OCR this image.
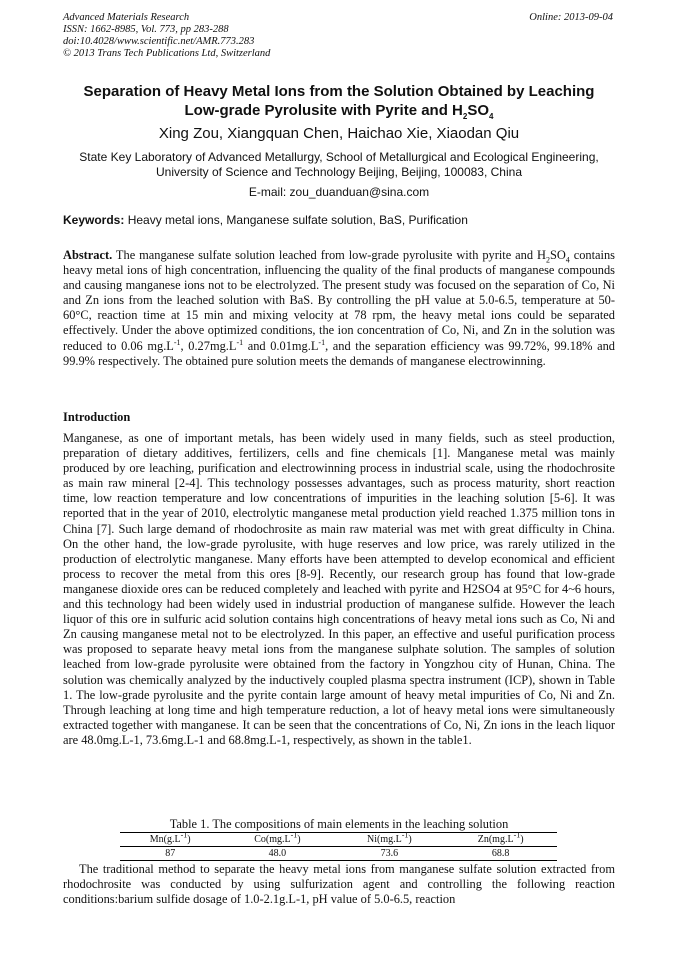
Advanced Materials Research
ISSN: 1662-8985, Vol. 773, pp 283-288
doi:10.4028/www.scientific.net/AMR.773.283
© 2013 Trans Tech Publications Ltd, Switzerland
Online: 2013-09-04
Separation of Heavy Metal Ions from the Solution Obtained by Leaching
Low-grade Pyrolusite with Pyrite and $H_2SO_4$
Xing Zou, Xiangquan Chen, Haichao Xie, Xiaodan Qiu
State Key Laboratory of Advanced Metallurgy, School of Metallurgical and Ecological Engineering,
University of Science and Technology Beijing, Beijing, 100083, China
E-mail: zou_duanduan@sina.com
Keywords: Heavy metal ions, Manganese sulfate solution, BaS, Purification
Abstract. The manganese sulfate solution leached from low-grade pyrolusite with pyrite and $H_2SO_4$ contains heavy metal ions of high concentration, influencing the quality of the final products of manganese compounds and causing manganese ions not to be electrolyzed. The present study was focused on the separation of Co, Ni and Zn ions from the leached solution with BaS. By controlling the pH value at 5.0-6.5, temperature at 50-60°C, reaction time at 15 min and mixing velocity at 78 rpm, the heavy metal ions could be separated effectively. Under the above optimized conditions, the ion concentration of Co, Ni, and Zn in the solution was reduced to 0.06 $mg.L^{-1}$, $0.27mg.L^{-1}$ and $0.01mg.L^{-1}$, and the separation efficiency was 99.72%, 99.18% and 99.9% respectively. The obtained pure solution meets the demands of manganese electrowinning.
Introduction
Manganese, as one of important metals, has been widely used in many fields, such as steel production, preparation of dietary additives, fertilizers, cells and fine chemicals [1]. Manganese metal was mainly produced by ore leaching, purification and electrowinning process in industrial scale, using the rhodochrosite as main raw mineral [2-4]. This technology possesses advantages, such as process maturity, short reaction time, low reaction temperature and low concentrations of impurities in the leaching solution [5-6]. It was reported that in the year of 2010, electrolytic manganese metal production yield reached 1.375 million tons in China [7]. Such large demand of rhodochrosite as main raw material was met with great difficulty in China. On the other hand, the low-grade pyrolusite, with huge reserves and low price, was rarely utilized in the production of electrolytic manganese. Many efforts have been attempted to develop economical and efficient process to recover the metal from this ores [8-9]. Recently, our research group has found that low-grade manganese dioxide ores can be reduced completely and leached with pyrite and H2SO4 at 95°C for 4~6 hours, and this technology had been widely used in industrial production of manganese sulfide. However the leach liquor of this ore in sulfuric acid solution contains high concentrations of heavy metal ions such as Co, Ni and Zn causing manganese metal not to be electrolyzed. In this paper, an effective and useful purification process was proposed to separate heavy metal ions from the manganese sulphate solution. The samples of solution leached from low-grade pyrolusite were obtained from the factory in Yongzhou city of Hunan, China. The solution was chemically analyzed by the inductively coupled plasma spectra instrument (ICP), shown in Table 1. The low-grade pyrolusite and the pyrite contain large amount of heavy metal impurities of Co, Ni and Zn. Through leaching at long time and high temperature reduction, a lot of heavy metal ions were simultaneously extracted together with manganese. It can be seen that the concentrations of Co, Ni, Zn ions in the leach liquor are 48.0mg.L-1, 73.6mg.L-1 and 68.8mg.L-1, respectively, as shown in the table1.
Table 1. The compositions of main elements in the leaching solution
$Mn(g.L^{-1})$	$Co(mg.L^{-1})$	$Ni(mg.L^{-1})$	$Zn(mg.L^{-1})$
87	48.0	73.6	68.8
The traditional method to separate the heavy metal ions from manganese sulfate solution extracted from rhodochrosite was conducted by using sulfurization agent and controlling the following reaction conditions:barium sulfide dosage of 1.0-2.1g.L-1, pH value of 5.0-6.5, reaction
